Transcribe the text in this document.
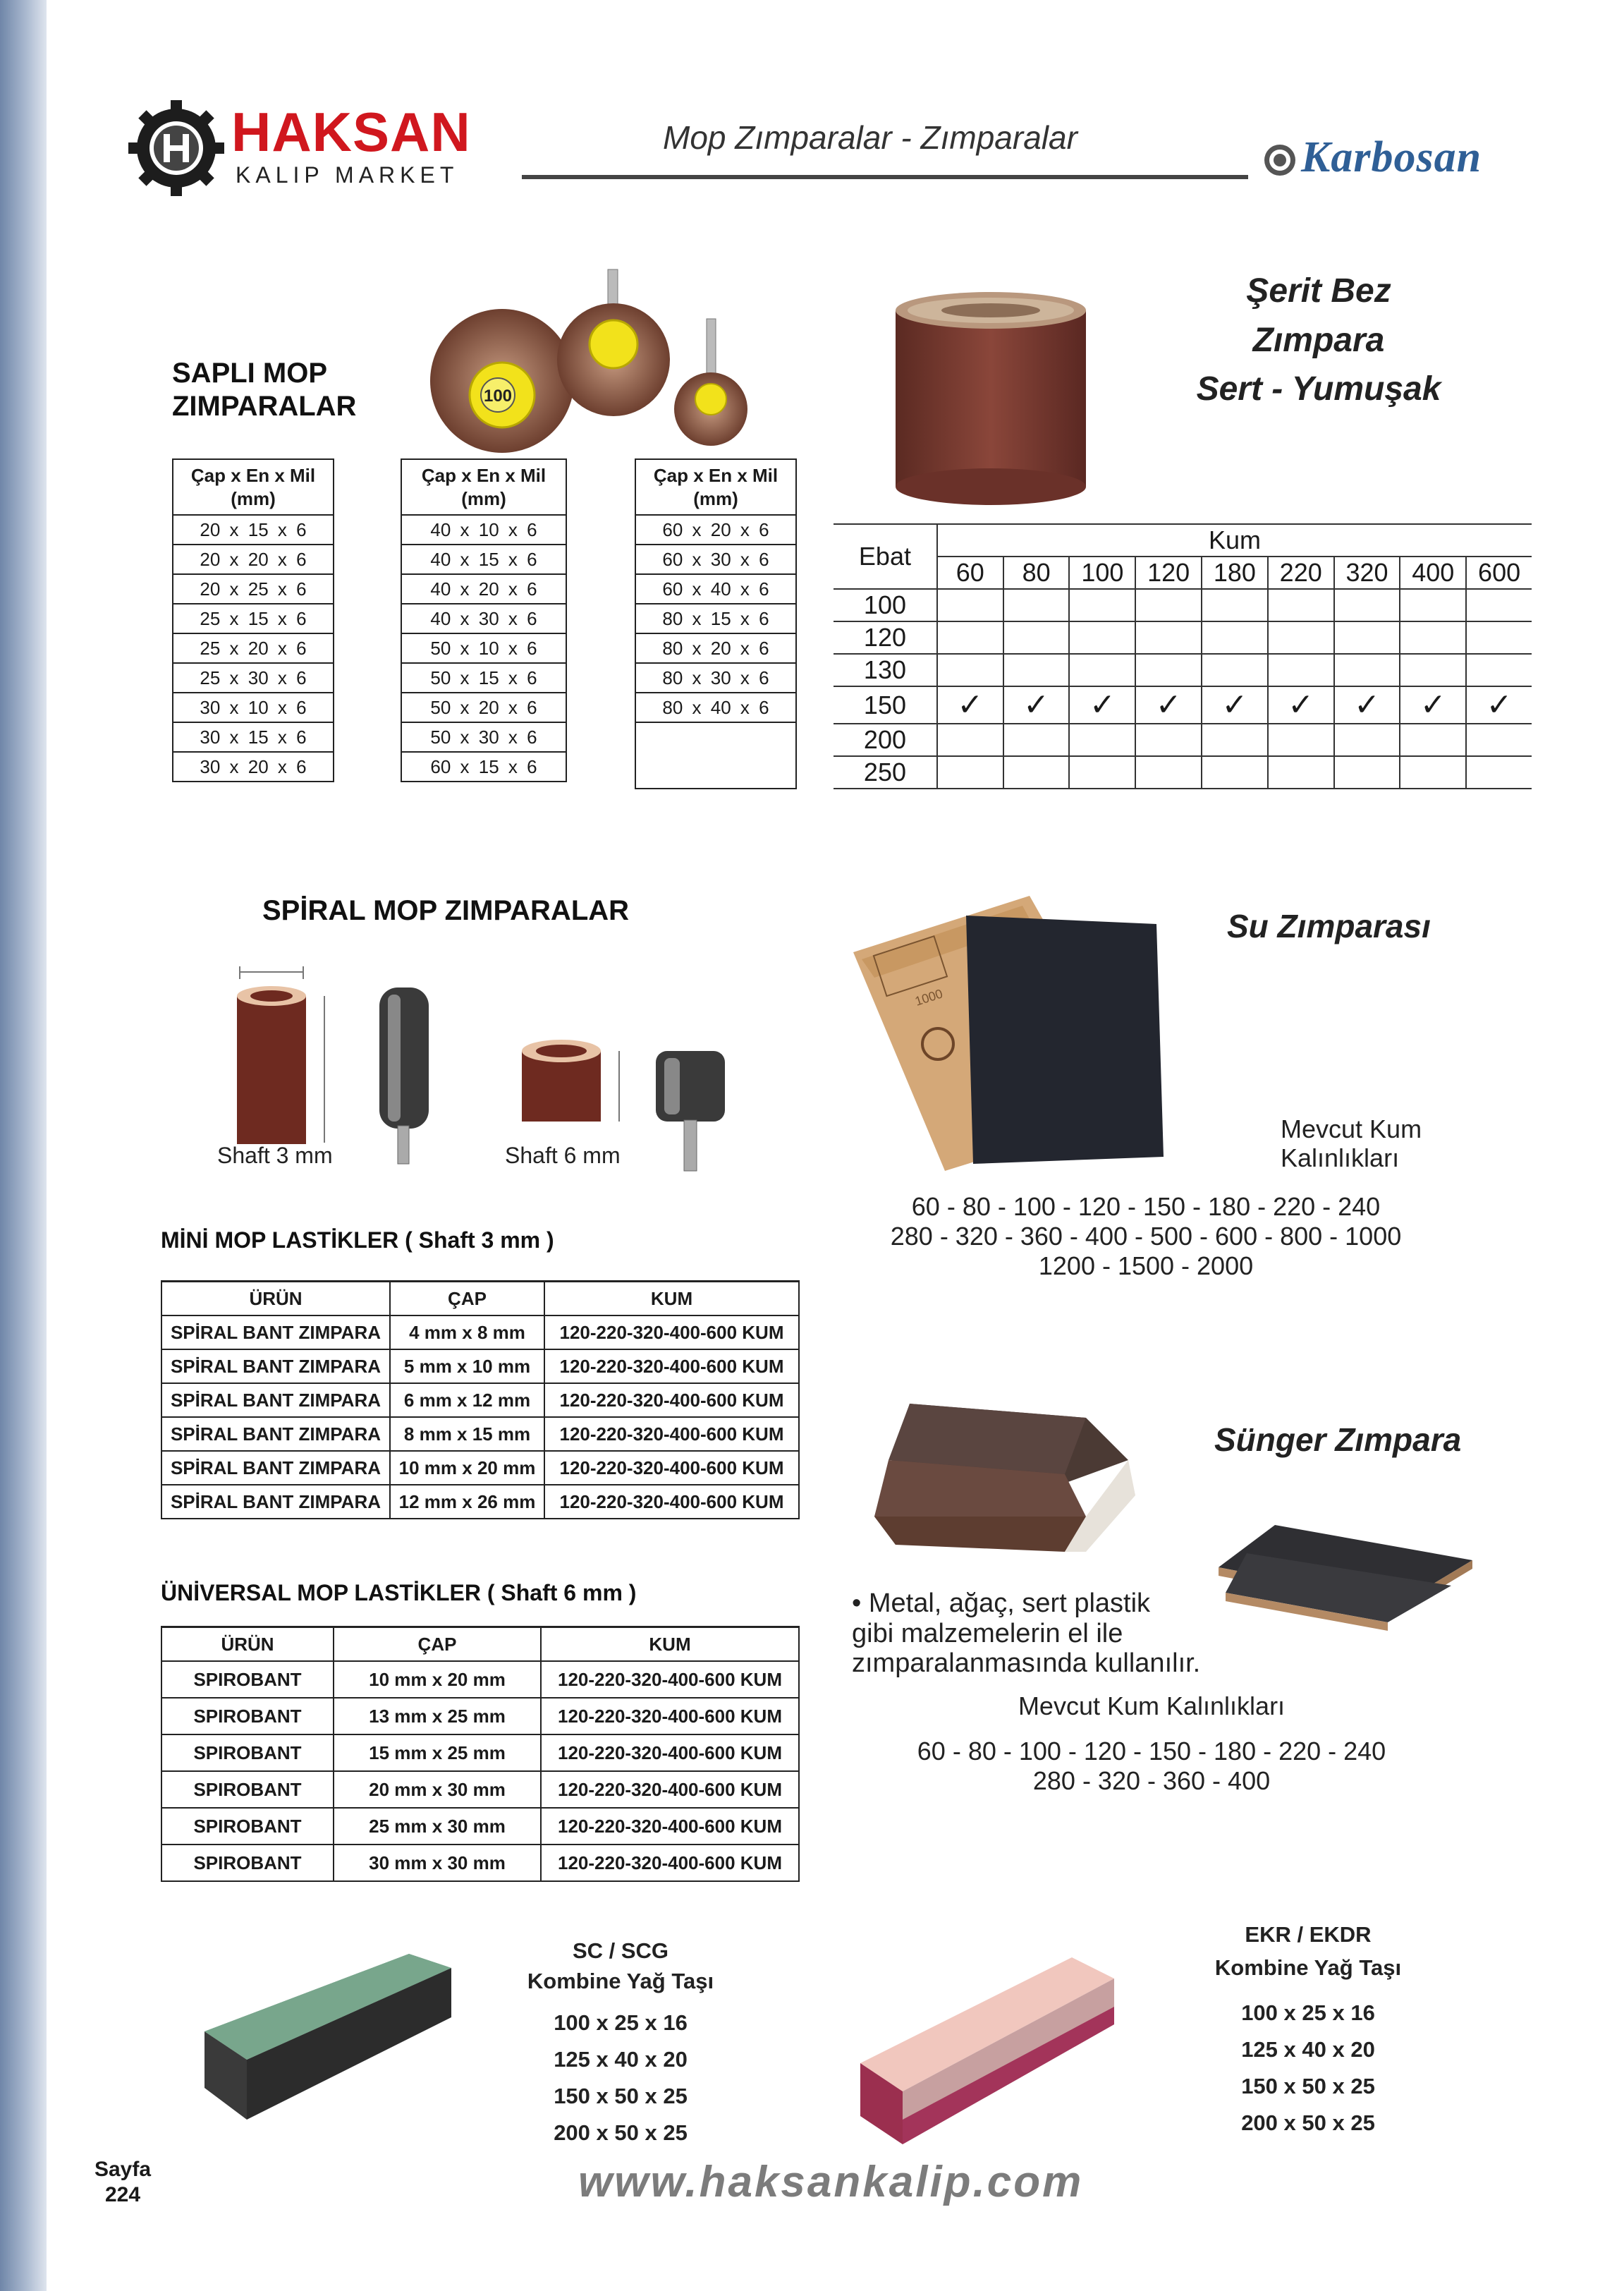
HAKSAN
KALIP MARKET
Mop Zımparalar - Zımparalar	Karbosan
SAPLI MOP
ZIMPARALAR	100
Çap x En x Mil
(mm)
20 x 15 x 6
20 x 20 x 6
20 x 25 x 6
25 x 15 x 6
25 x 20 x 6
25 x 30 x 6
30 x 10 x 6
30 x 15 x 6
30 x 20 x 6
Çap x En x Mil
(mm)
40 x 10 x 6
40 x 15 x 6
40 x 20 x 6
40 x 30 x 6
50 x 10 x 6
50 x 15 x 6
50 x 20 x 6
50 x 30 x 6
60 x 15 x 6
Çap x En x Mil
(mm)
60 x 20 x 6
60 x 30 x 6
60 x 40 x 6
80 x 15 x 6
80 x 20 x 6
80 x 30 x 6
80 x 40 x 6

Şerit Bez
Zımpara
Sert - Yumuşak
Ebat	Kum								
	60	80	100	120	180	220	320	400	600
100									
120									
130									
150	✓	✓	✓	✓	✓	✓	✓	✓	✓
200									
250									
SPİRAL MOP ZIMPARALAR
Shaft 3 mm	Shaft 6 mm
MİNİ MOP LASTİKLER ( Shaft 3 mm )
ÜRÜN	ÇAP	KUM
SPİRAL BANT ZIMPARA	4 mm x 8 mm	120-220-320-400-600 KUM
SPİRAL BANT ZIMPARA	5 mm x 10 mm	120-220-320-400-600 KUM
SPİRAL BANT ZIMPARA	6 mm x 12 mm	120-220-320-400-600 KUM
SPİRAL BANT ZIMPARA	8 mm x 15 mm	120-220-320-400-600 KUM
SPİRAL BANT ZIMPARA	10 mm x 20 mm	120-220-320-400-600 KUM
SPİRAL BANT ZIMPARA	12 mm x 26 mm	120-220-320-400-600 KUM
ÜNİVERSAL MOP LASTİKLER ( Shaft 6 mm )
ÜRÜN	ÇAP	KUM
SPIROBANT	10 mm x 20 mm	120-220-320-400-600 KUM
SPIROBANT	13 mm x 25 mm	120-220-320-400-600 KUM
SPIROBANT	15 mm x 25 mm	120-220-320-400-600 KUM
SPIROBANT	20 mm x 30 mm	120-220-320-400-600 KUM
SPIROBANT	25 mm x 30 mm	120-220-320-400-600 KUM
SPIROBANT	30 mm x 30 mm	120-220-320-400-600 KUM
Su Zımparası
1000
Mevcut Kum
Kalınlıkları
60 - 80 - 100 - 120 - 150 - 180 - 220 - 240
280 - 320 - 360 - 400 - 500 - 600 - 800 - 1000
1200 - 1500 - 2000
Sünger Zımpara
• Metal, ağaç, sert plastik
gibi malzemelerin el ile
zımparalanmasında kullanılır.
Mevcut Kum Kalınlıkları
60 - 80 - 100 - 120 - 150 - 180 - 220 - 240
280 - 320 - 360 - 400
SC / SCG
Kombine Yağ Taşı
100 x 25 x 16
125 x 40 x 20
150 x 50 x 25
200 x 50 x 25
EKR / EKDR
Kombine Yağ Taşı
100 x 25 x 16
125 x 40 x 20
150 x 50 x 25
200 x 50 x 25
Sayfa
224	www.haksankalip.com
